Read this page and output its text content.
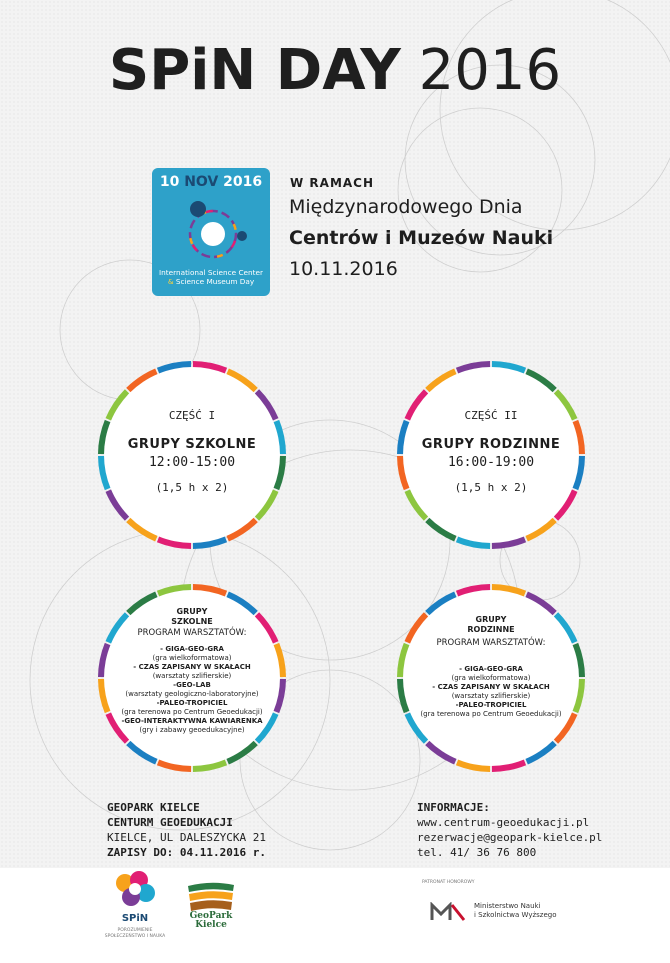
SPiN DAY 2016
10 NOV 2016
International Science Center
& Science Museum Day
W RAMACH
Międzynarodowego Dnia
Centrów i Muzeów Nauki
10.11.2016
CZĘŚĆ I
GRUPY SZKOLNE
12:00-15:00
(1,5 h x 2)
CZĘŚĆ II
GRUPY RODZINNE
16:00-19:00
(1,5 h x 2)
GRUPY
SZKOLNE
PROGRAM WARSZTATÓW:
- GIGA-GEO-GRA
(gra wielkoformatowa)
- CZAS ZAPISANY W SKAŁACH
(warsztaty szlifierskie)
-GEO-LAB
(warsztaty geologiczno-laboratoryjne)
-PALEO-TROPICIEL
(gra terenowa po Centrum Geoedukacji)
-GEO-INTERAKTYWNA KAWIARENKA
(gry i zabawy geoedukacyjne)
GRUPY
RODZINNE
PROGRAM WARSZTATÓW:
- GIGA-GEO-GRA
(gra wielkoformatowa)
- CZAS ZAPISANY W SKAŁACH
(warsztaty szlifierskie)
-PALEO-TROPICIEL
(gra terenowa po Centrum Geoedukacji)
GEOPARK KIELCE
CENTURM GEOEDUKACJI
KIELCE, UL DALESZYCKA 21
ZAPISY DO: 04.11.2016 r.
INFORMACJE:
www.centrum-geoedukacji.pl
rezerwacje@geopark-kielce.pl
tel. 41/ 36 76 800
SPiN
POROZUMIENIE
SPOŁECZEŃSTWO I NAUKA
GeoPark
Kielce
PATRONAT HONOROWY
Ministerstwo Nauki
i Szkolnictwa Wyższego
